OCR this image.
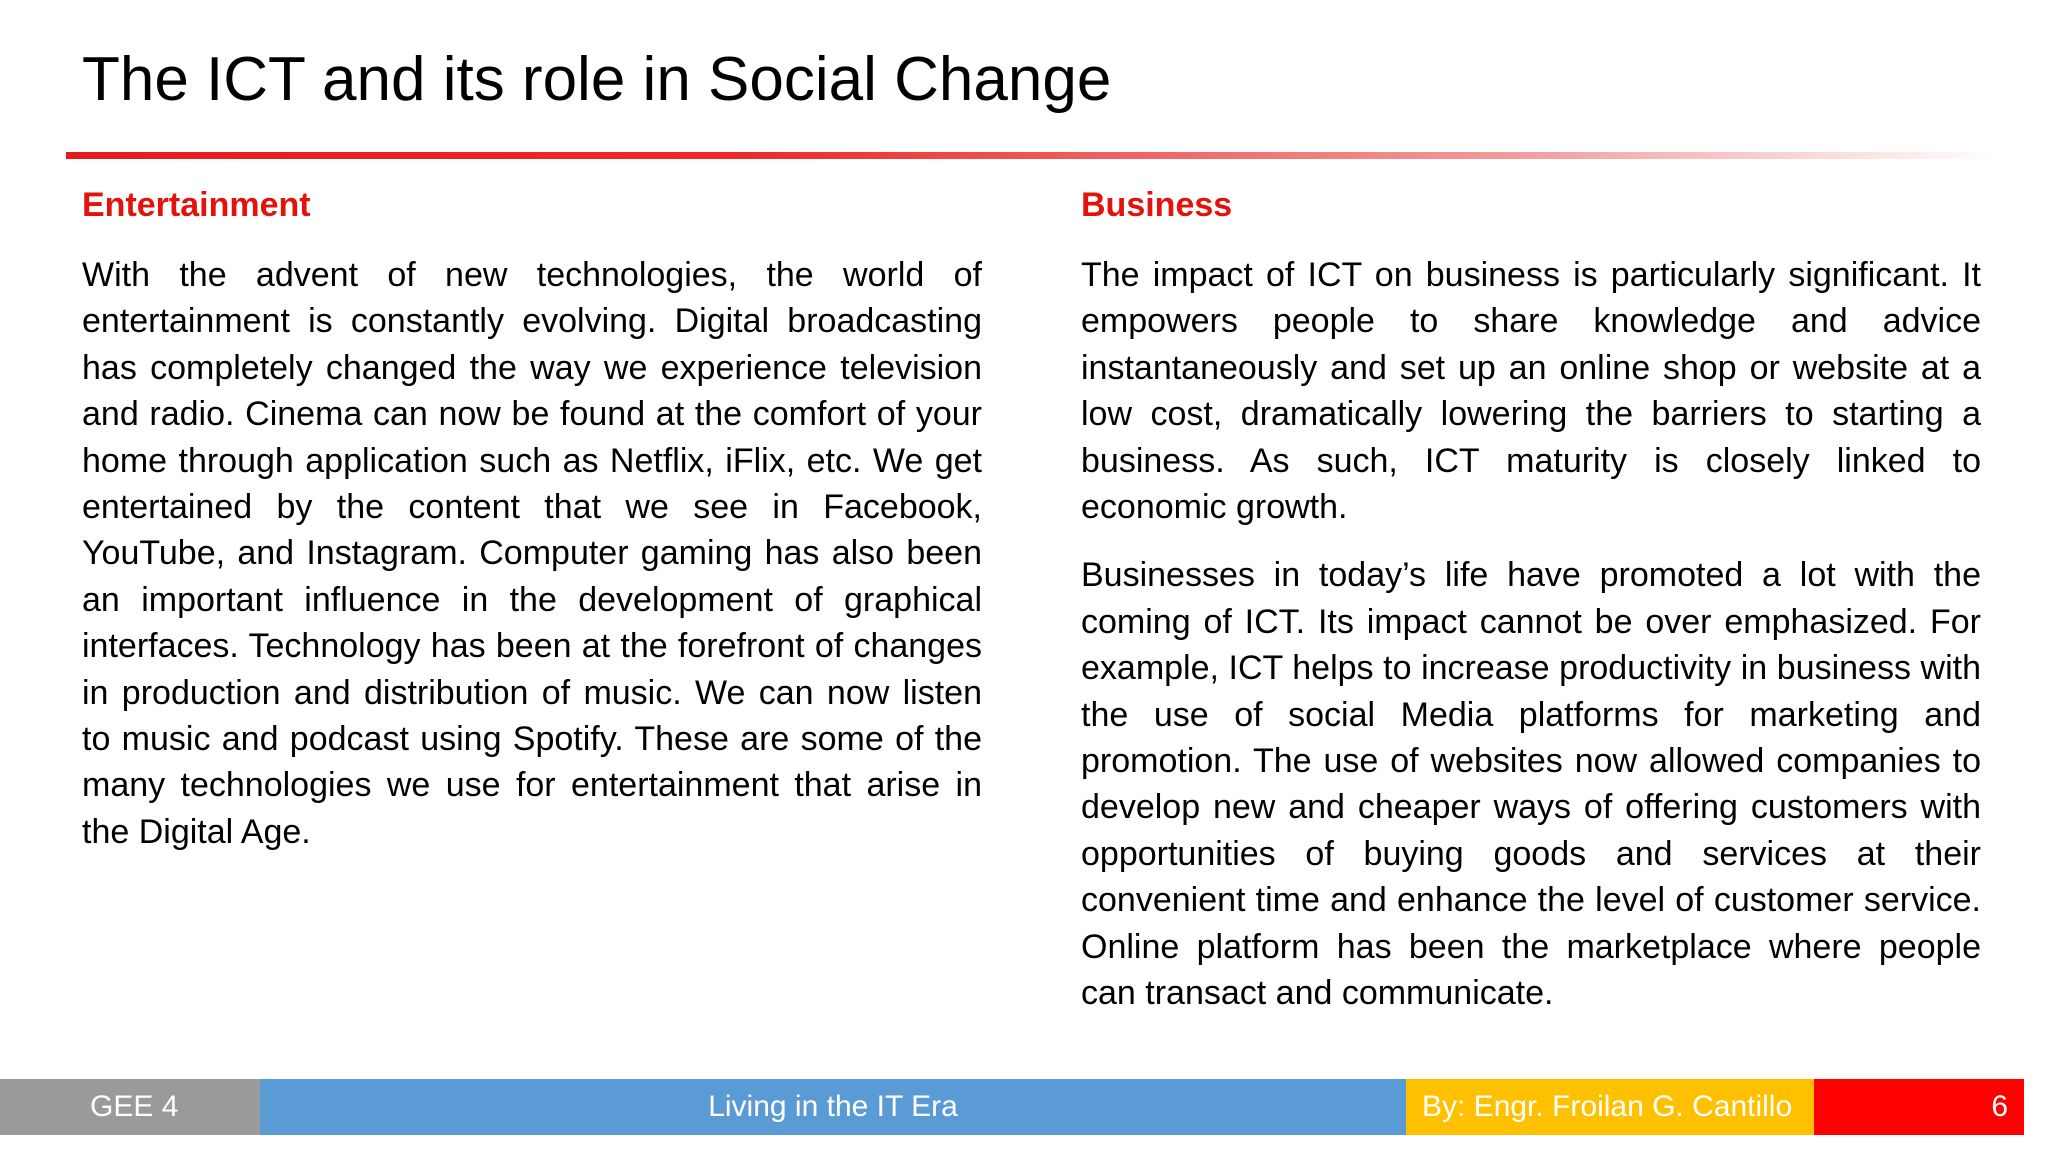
The ICT and its role in Social Change
Entertainment

With the advent of new technologies, the world of entertainment is constantly evolving. Digital broadcasting has completely changed the way we experience television and radio. Cinema can now be found at the comfort of your home through application such as Netflix, iFlix, etc. We get entertained by the content that we see in Facebook, YouTube, and Instagram. Computer gaming has also been an important influence in the development of graphical interfaces. Technology has been at the forefront of changes in production and distribution of music. We can now listen to music and podcast using Spotify. These are some of the many technologies we use for entertainment that arise in the Digital Age.

Business

The impact of ICT on business is particularly significant. It empowers people to share knowledge and advice instantaneously and set up an online shop or website at a low cost, dramatically lowering the barriers to starting a business. As such, ICT maturity is closely linked to economic growth.

Businesses in today’s life have promoted a lot with the coming of ICT. Its impact cannot be over emphasized. For example, ICT helps to increase productivity in business with the use of social Media platforms for marketing and promotion. The use of websites now allowed companies to develop new and cheaper ways of offering customers with opportunities of buying goods and services at their convenient time and enhance the level of customer service. Online platform has been the marketplace where people can transact and communicate.

GEE 4	Living in the IT Era	By: Engr. Froilan G. Cantillo	6
